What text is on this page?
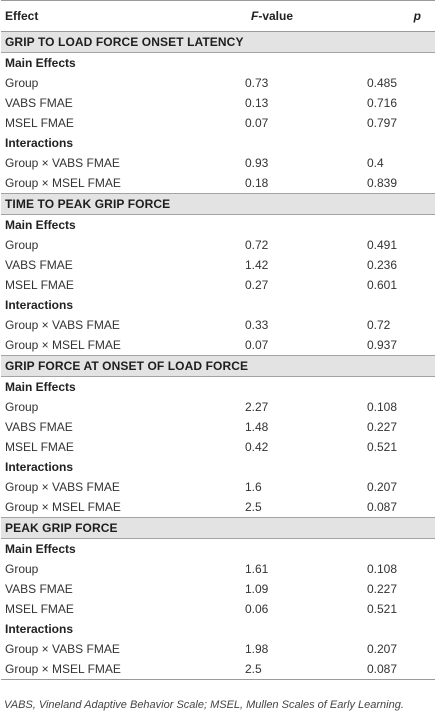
Effect	F-value	p
GRIP TO LOAD FORCE ONSET LATENCY		
Main Effects		
Group	0.73	0.485
VABS FMAE	0.13	0.716
MSEL FMAE	0.07	0.797
Interactions		
Group × VABS FMAE	0.93	0.4
Group × MSEL FMAE	0.18	0.839
TIME TO PEAK GRIP FORCE		
Main Effects		
Group	0.72	0.491
VABS FMAE	1.42	0.236
MSEL FMAE	0.27	0.601
Interactions		
Group × VABS FMAE	0.33	0.72
Group × MSEL FMAE	0.07	0.937
GRIP FORCE AT ONSET OF LOAD FORCE		
Main Effects		
Group	2.27	0.108
VABS FMAE	1.48	0.227
MSEL FMAE	0.42	0.521
Interactions		
Group × VABS FMAE	1.6	0.207
Group × MSEL FMAE	2.5	0.087
PEAK GRIP FORCE		
Main Effects		
Group	1.61	0.108
VABS FMAE	1.09	0.227
MSEL FMAE	0.06	0.521
Interactions		
Group × VABS FMAE	1.98	0.207
Group × MSEL FMAE	2.5	0.087
VABS, Vineland Adaptive Behavior Scale; MSEL, Mullen Scales of Early Learning.
